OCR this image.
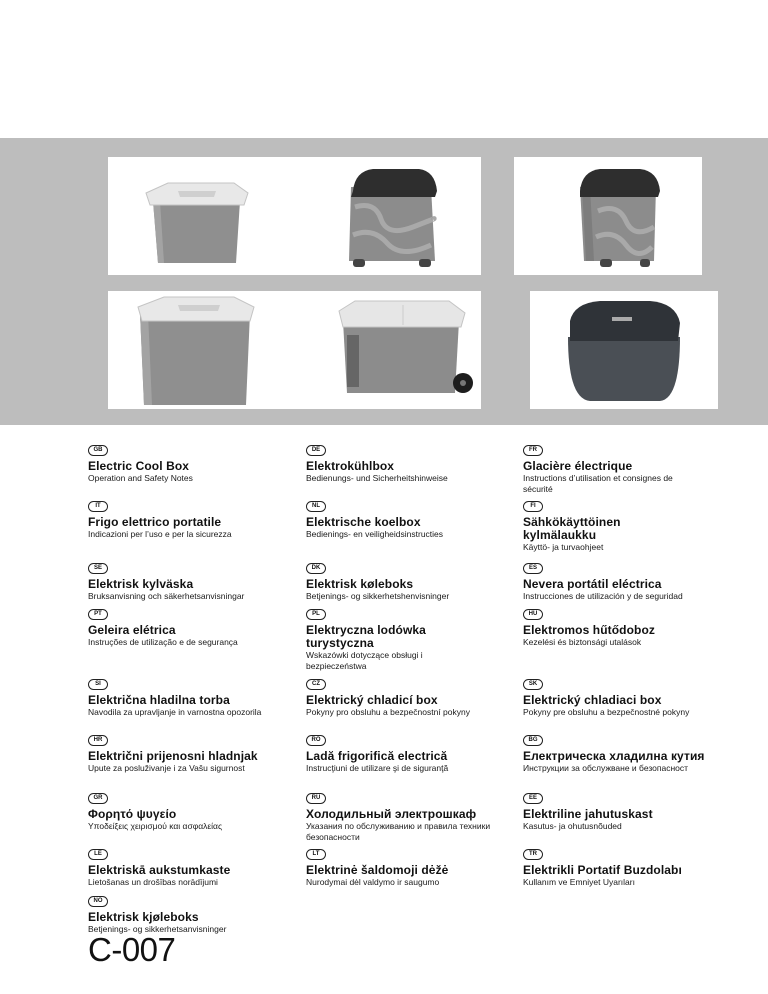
GB
Electric Cool Box
Operation and Safety Notes
DE
Elektrokühlbox
Bedienungs- und Sicherheitshinweise
FR
Glacière électrique
Instructions d’utilisation et consignes de sécurité
IT
Frigo elettrico portatile
Indicazioni per l’uso e per la sicurezza
NL
Elektrische koelbox
Bedienings- en veiligheidsinstructies
FI
Sähkökäyttöinen kylmälaukku
Käyttö- ja turvaohjeet
SE
Elektrisk kylväska
Bruksanvisning och säkerhetsanvisningar
DK
Elektrisk køleboks
Betjenings- og sikkerhetshenvisninger
ES
Nevera portátil eléctrica
Instrucciones de utilización y de seguridad
PT
Geleira elétrica
Instruções de utilização e de segurança
PL
Elektryczna lodówka turystyczna
Wskazówki dotyczące obsługi i bezpieczeństwa
HU
Elektromos hűtődoboz
Kezelési és biztonsági utalások
SI
Električna hladilna torba
Navodila za upravljanje in varnostna opozorila
CZ
Elektrický chladicí box
Pokyny pro obsluhu a bezpečnostní pokyny
SK
Elektrický chladiaci box
Pokyny pre obsluhu a bezpečnostné pokyny
HR
Električni prijenosni hladnjak
Upute za posluživanje i za Vašu sigurnost
RO
Ladă frigorifică electrică
Instrucţiuni de utilizare şi de siguranţă
BG
Електрическа хладилна кутия
Инструкции за обслужване и безопасност
GR
Φορητό ψυγείο
Υποδείξεις χειρισμού και ασφαλείας
RU
Холодильный электрошкаф
Указания по обслуживанию и правила техники безопасности
EE
Elektriline jahutuskast
Kasutus- ja ohutusnõuded
LE
Elektriskā aukstumkaste
Lietošanas un drošības norādījumi
LT
Elektrinė šaldomoji dėžė
Nurodymai dėl valdymo ir saugumo
TR
Elektrikli Portatif Buzdolabı
Kullanım ve Emniyet Uyarıları
NO
Elektrisk kjøleboks
Betjenings- og sikkerhetsanvisninger
C-007
